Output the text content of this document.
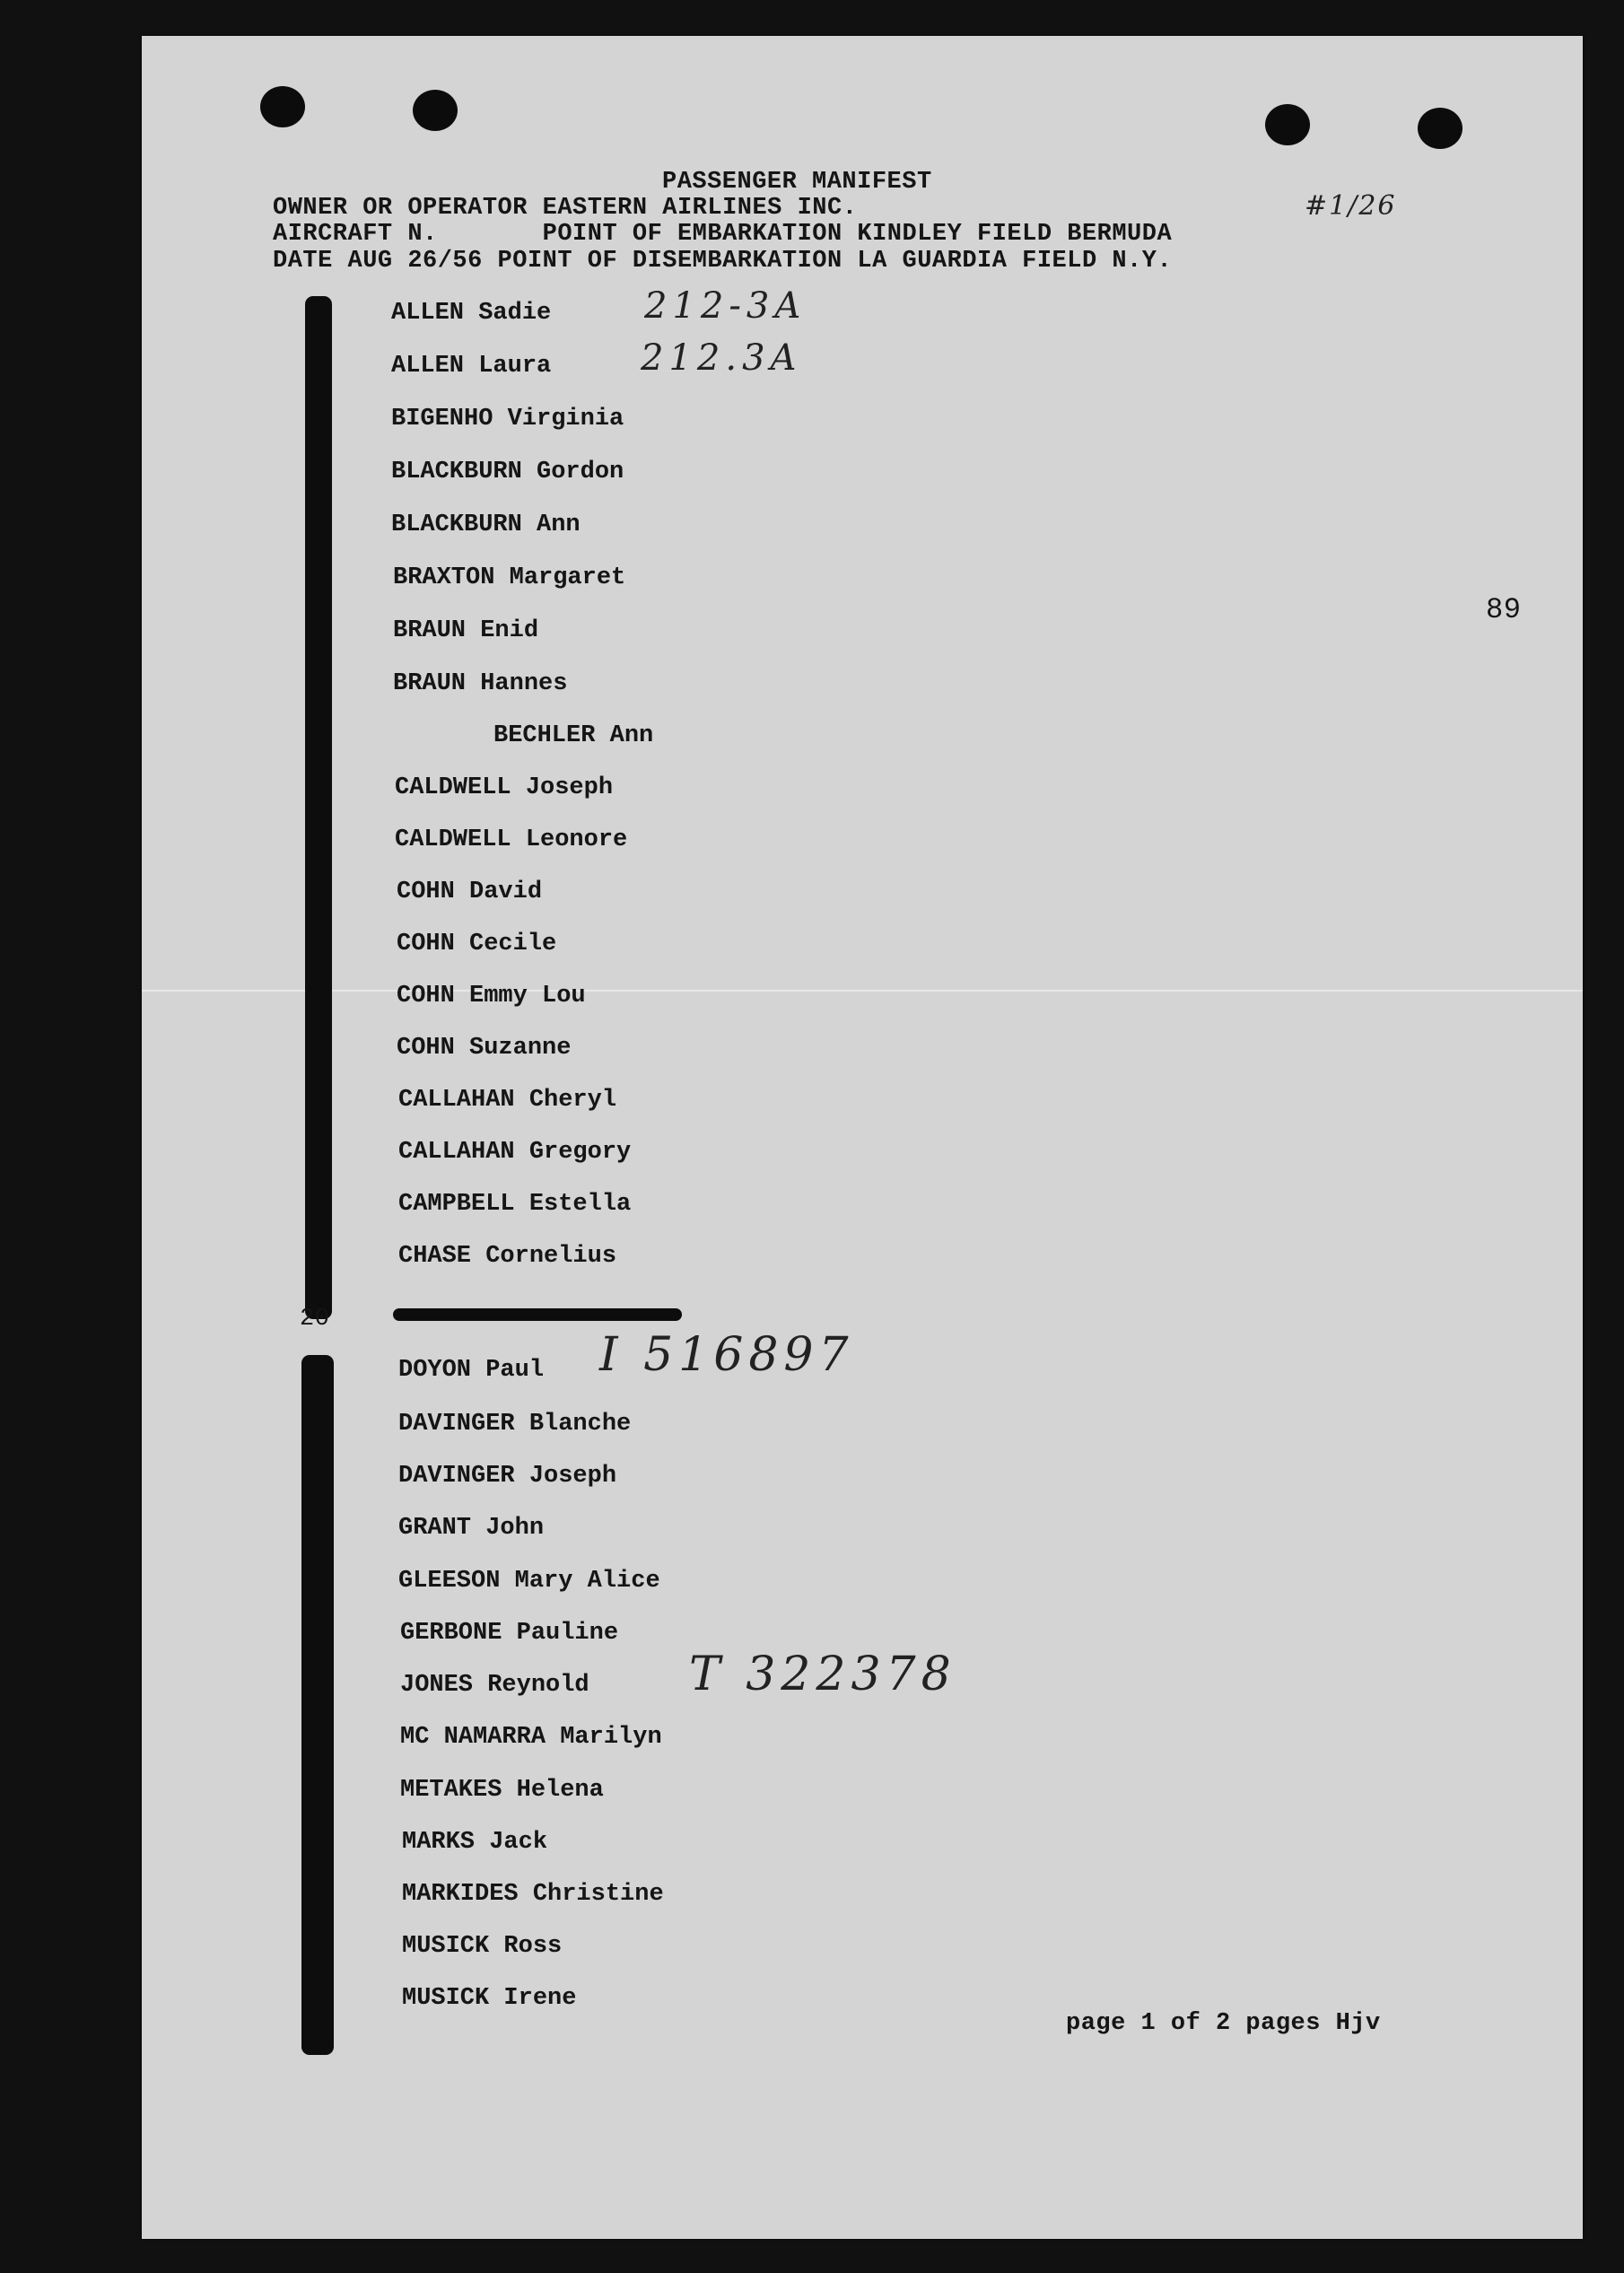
PASSENGER MANIFEST
OWNER OR OPERATOR EASTERN AIRLINES INC.	#1/26
AIRCRAFT N.       POINT OF EMBARKATION KINDLEY FIELD BERMUDA
DATE AUG 26/56 POINT OF DISEMBARKATION LA GUARDIA FIELD N.Y.
89
ALLEN Sadie	212-3A
ALLEN Laura 212.3A
BIGENHO Virginia
BLACKBURN Gordon
BLACKBURN Ann
BRAXTON Margaret
BRAUN Enid
BRAUN Hannes
BECHLER Ann
CALDWELL Joseph
CALDWELL Leonore
COHN David
COHN Cecile
COHN Emmy Lou
COHN Suzanne
CALLAHAN Cheryl
CALLAHAN Gregory
CAMPBELL Estella
CHASE Cornelius
20
DOYON Paul I 516897
DAVINGER Blanche
DAVINGER Joseph
GRANT John
GLEESON Mary Alice
GERBONE Pauline
JONES Reynold T 322378
MC NAMARRA Marilyn
METAKES Helena
MARKS Jack
MARKIDES Christine
MUSICK Ross
MUSICK Irene
page 1 of 2 pages Hjv
